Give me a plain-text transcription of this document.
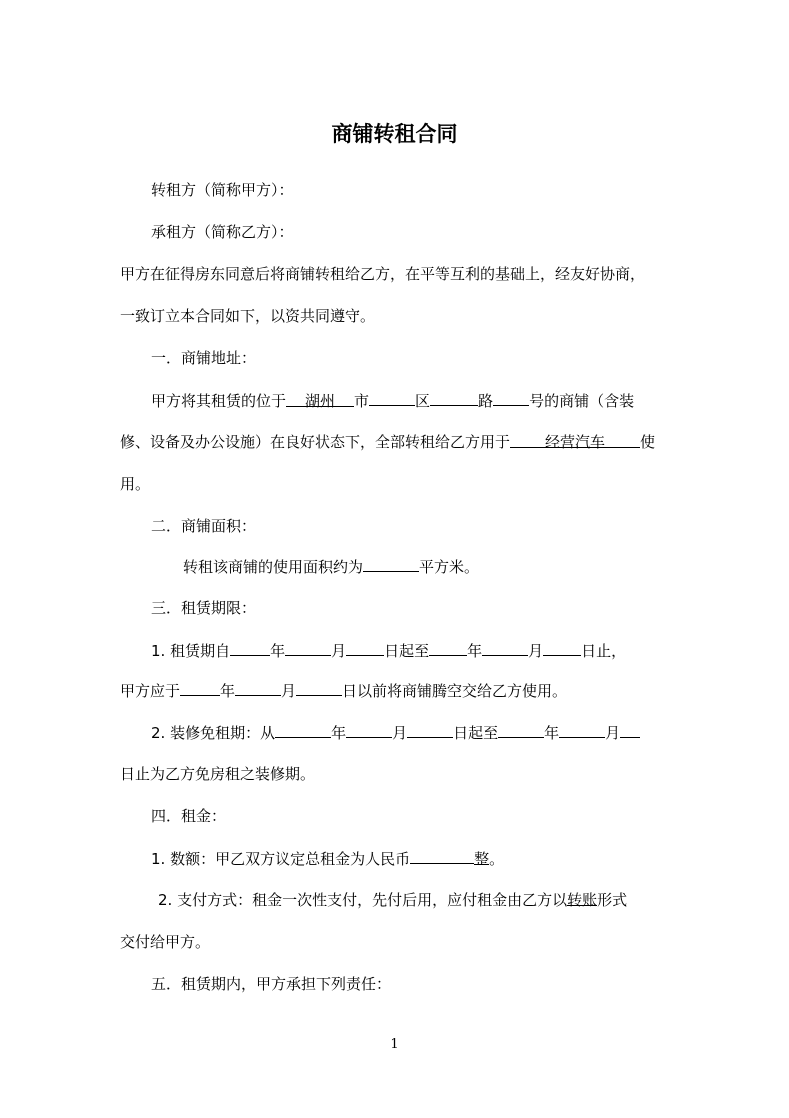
商铺转租合同
转租方（简称甲方）：
承租方（简称乙方）：
甲方在征得房东同意后将商铺转租给乙方，在平等互利的基础上，经友好协商，
一致订立本合同如下，以资共同遵守。
一．商铺地址：
甲方将其租赁的位于 湖州 市	区	路 号的商铺（含装
修、设备及办公设施）在良好状态下，全部转租给乙方用于 经营汽车 使
用。
二．商铺面积：
转租该商铺的使用面积约为	平方米。
三．租赁期限：
1. 租赁期自	年	月	日起至	年	月	日止，
甲方应于	年	月	日以前将商铺腾空交给乙方使用。
2. 装修免租期：从	年	月	日起至	年	月
日止为乙方免房租之装修期。
四．租金：
1. 数额：甲乙双方议定总租金为人民币	整。
2. 支付方式：租金一次性支付，先付后用，应付租金由乙方以转账形式
交付给甲方。
五．租赁期内，甲方承担下列责任：
1
